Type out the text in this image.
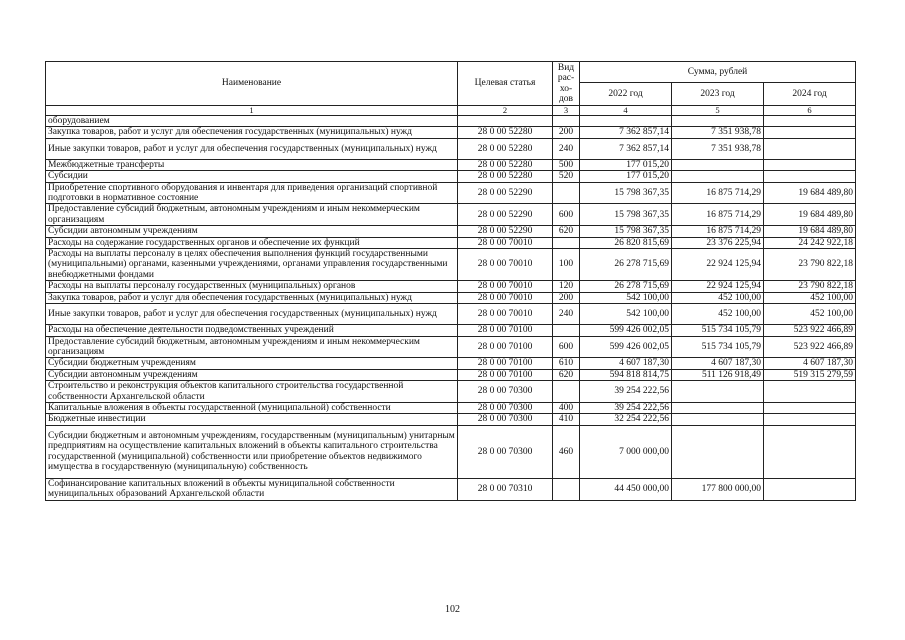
Наименование	Целевая статья	Вид рас-хо-дов	Сумма, рублей		
			2022 год	2023 год	2024 год
1	2	3	4	5	6
оборудованием					
Закупка товаров, работ и услуг для обеспечения государственных (муниципальных) нужд	28 0 00 52280	200	7 362 857,14	7 351 938,78	
Иные закупки товаров, работ и услуг для обеспечения государственных (муниципальных) нужд	28 0 00 52280	240	7 362 857,14	7 351 938,78	
Межбюджетные трансферты	28 0 00 52280	500	177 015,20		
Субсидии	28 0 00 52280	520	177 015,20		
Приобретение спортивного оборудования и инвентаря для приведения организаций спортивной подготовки в нормативное состояние	28 0 00 52290		15 798 367,35	16 875 714,29	19 684 489,80
Предоставление субсидий бюджетным, автономным учреждениям и иным некоммерческим организациям	28 0 00 52290	600	15 798 367,35	16 875 714,29	19 684 489,80
Субсидии автономным учреждениям	28 0 00 52290	620	15 798 367,35	16 875 714,29	19 684 489,80
Расходы на содержание государственных органов и обеспечение их функций	28 0 00 70010		26 820 815,69	23 376 225,94	24 242 922,18
Расходы на выплаты персоналу в целях обеспечения выполнения функций государственными (муниципальными) органами, казенными учреждениями, органами управления государственными внебюджетными фондами	28 0 00 70010	100	26 278 715,69	22 924 125,94	23 790 822,18
Расходы на выплаты персоналу государственных (муниципальных) органов	28 0 00 70010	120	26 278 715,69	22 924 125,94	23 790 822,18
Закупка товаров, работ и услуг для обеспечения государственных (муниципальных) нужд	28 0 00 70010	200	542 100,00	452 100,00	452 100,00
Иные закупки товаров, работ и услуг для обеспечения государственных (муниципальных) нужд	28 0 00 70010	240	542 100,00	452 100,00	452 100,00
Расходы на обеспечение деятельности подведомственных учреждений	28 0 00 70100		599 426 002,05	515 734 105,79	523 922 466,89
Предоставление субсидий бюджетным, автономным учреждениям и иным некоммерческим организациям	28 0 00 70100	600	599 426 002,05	515 734 105,79	523 922 466,89
Субсидии бюджетным учреждениям	28 0 00 70100	610	4 607 187,30	4 607 187,30	4 607 187,30
Субсидии автономным учреждениям	28 0 00 70100	620	594 818 814,75	511 126 918,49	519 315 279,59
Строительство и реконструкция объектов капитального строительства государственной собственности Архангельской области	28 0 00 70300		39 254 222,56		
Капитальные вложения в объекты государственной (муниципальной) собственности	28 0 00 70300	400	39 254 222,56		
Бюджетные инвестиции	28 0 00 70300	410	32 254 222,56		
Субсидии бюджетным и автономным учреждениям, государственным (муниципальным) унитарным предприятиям на осуществление капитальных вложений в объекты капитального строительства государственной (муниципальной) собственности или приобретение объектов недвижимого имущества в государственную (муниципальную) собственность	28 0 00 70300	460	7 000 000,00		
Софинансирование капитальных вложений в объекты муниципальной собственности муниципальных образований Архангельской области	28 0 00 70310		44 450 000,00	177 800 000,00	
102
